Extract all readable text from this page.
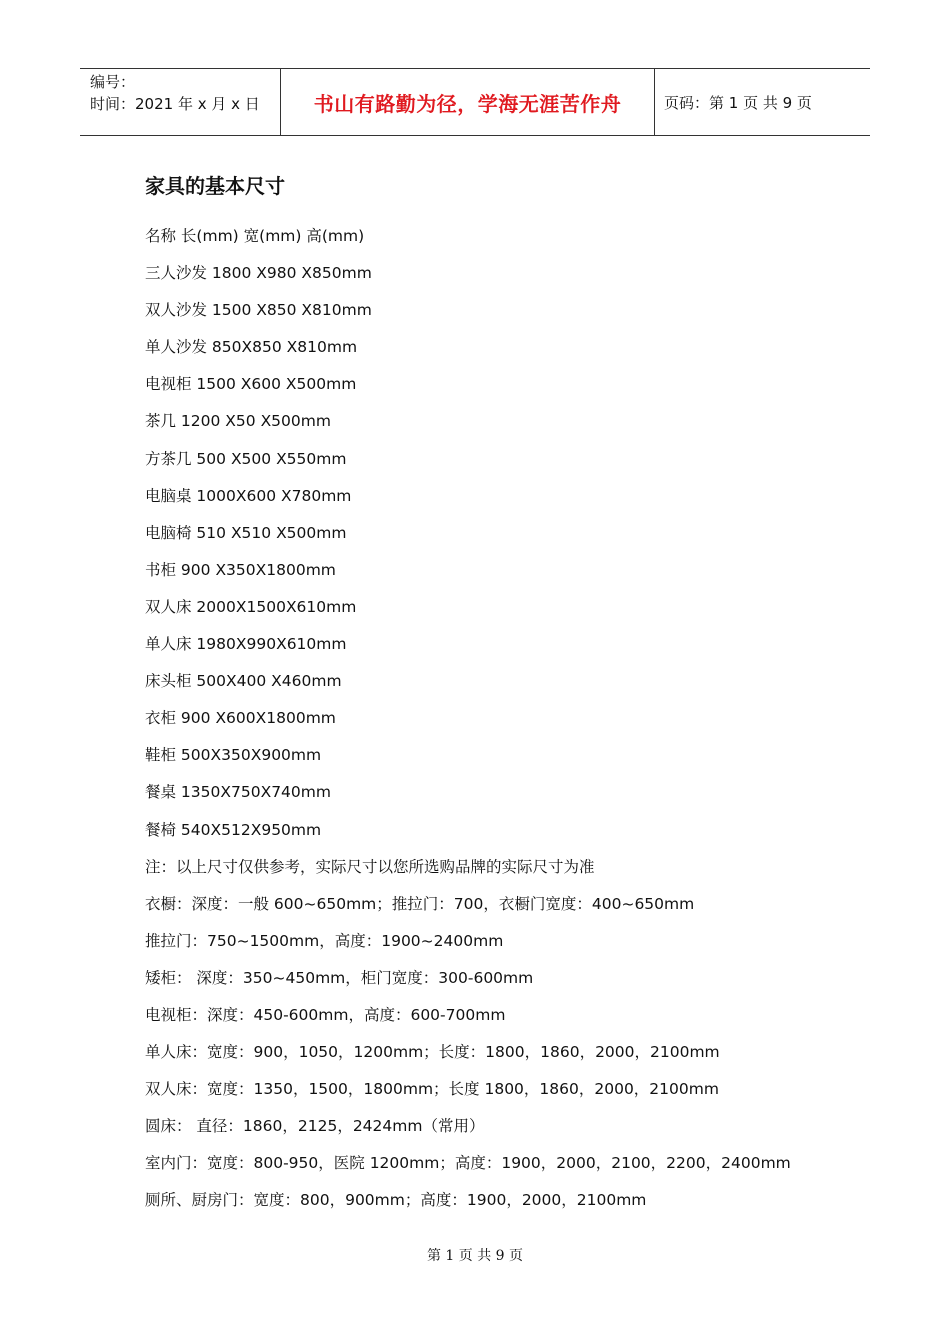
编号：
时间：2021 年 x 月 x 日	书山有路勤为径，学海无涯苦作舟	页码：第 1 页 共 9 页
家具的基本尺寸
名称 长(mm) 宽(mm) 高(mm)
三人沙发 1800 X980 X850mm
双人沙发 1500 X850 X810mm
单人沙发 850X850 X810mm
电视柜 1500 X600 X500mm
茶几 1200 X50 X500mm
方茶几 500 X500 X550mm
电脑桌 1000X600 X780mm
电脑椅 510 X510 X500mm
书柜 900 X350X1800mm
双人床 2000X1500X610mm
单人床 1980X990X610mm
床头柜 500X400 X460mm
衣柜 900 X600X1800mm
鞋柜 500X350X900mm
餐桌 1350X750X740mm
餐椅 540X512X950mm
注：以上尺寸仅供参考，实际尺寸以您所选购品牌的实际尺寸为准
衣橱：深度：一般 600~650mm；推拉门：700，衣橱门宽度：400~650mm
推拉门：750~1500mm，高度：1900~2400mm
矮柜： 深度：350~450mm，柜门宽度：300-600mm
电视柜：深度：450-600mm，高度：600-700mm
单人床：宽度：900，1050，1200mm；长度：1800，1860，2000，2100mm
双人床：宽度：1350，1500，1800mm；长度 1800，1860，2000，2100mm
圆床： 直径：1860，2125，2424mm（常用）
室内门：宽度：800-950，医院 1200mm；高度：1900，2000，2100，2200，2400mm
厕所、厨房门：宽度：800，900mm；高度：1900，2000，2100mm
第 1 页 共 9 页
